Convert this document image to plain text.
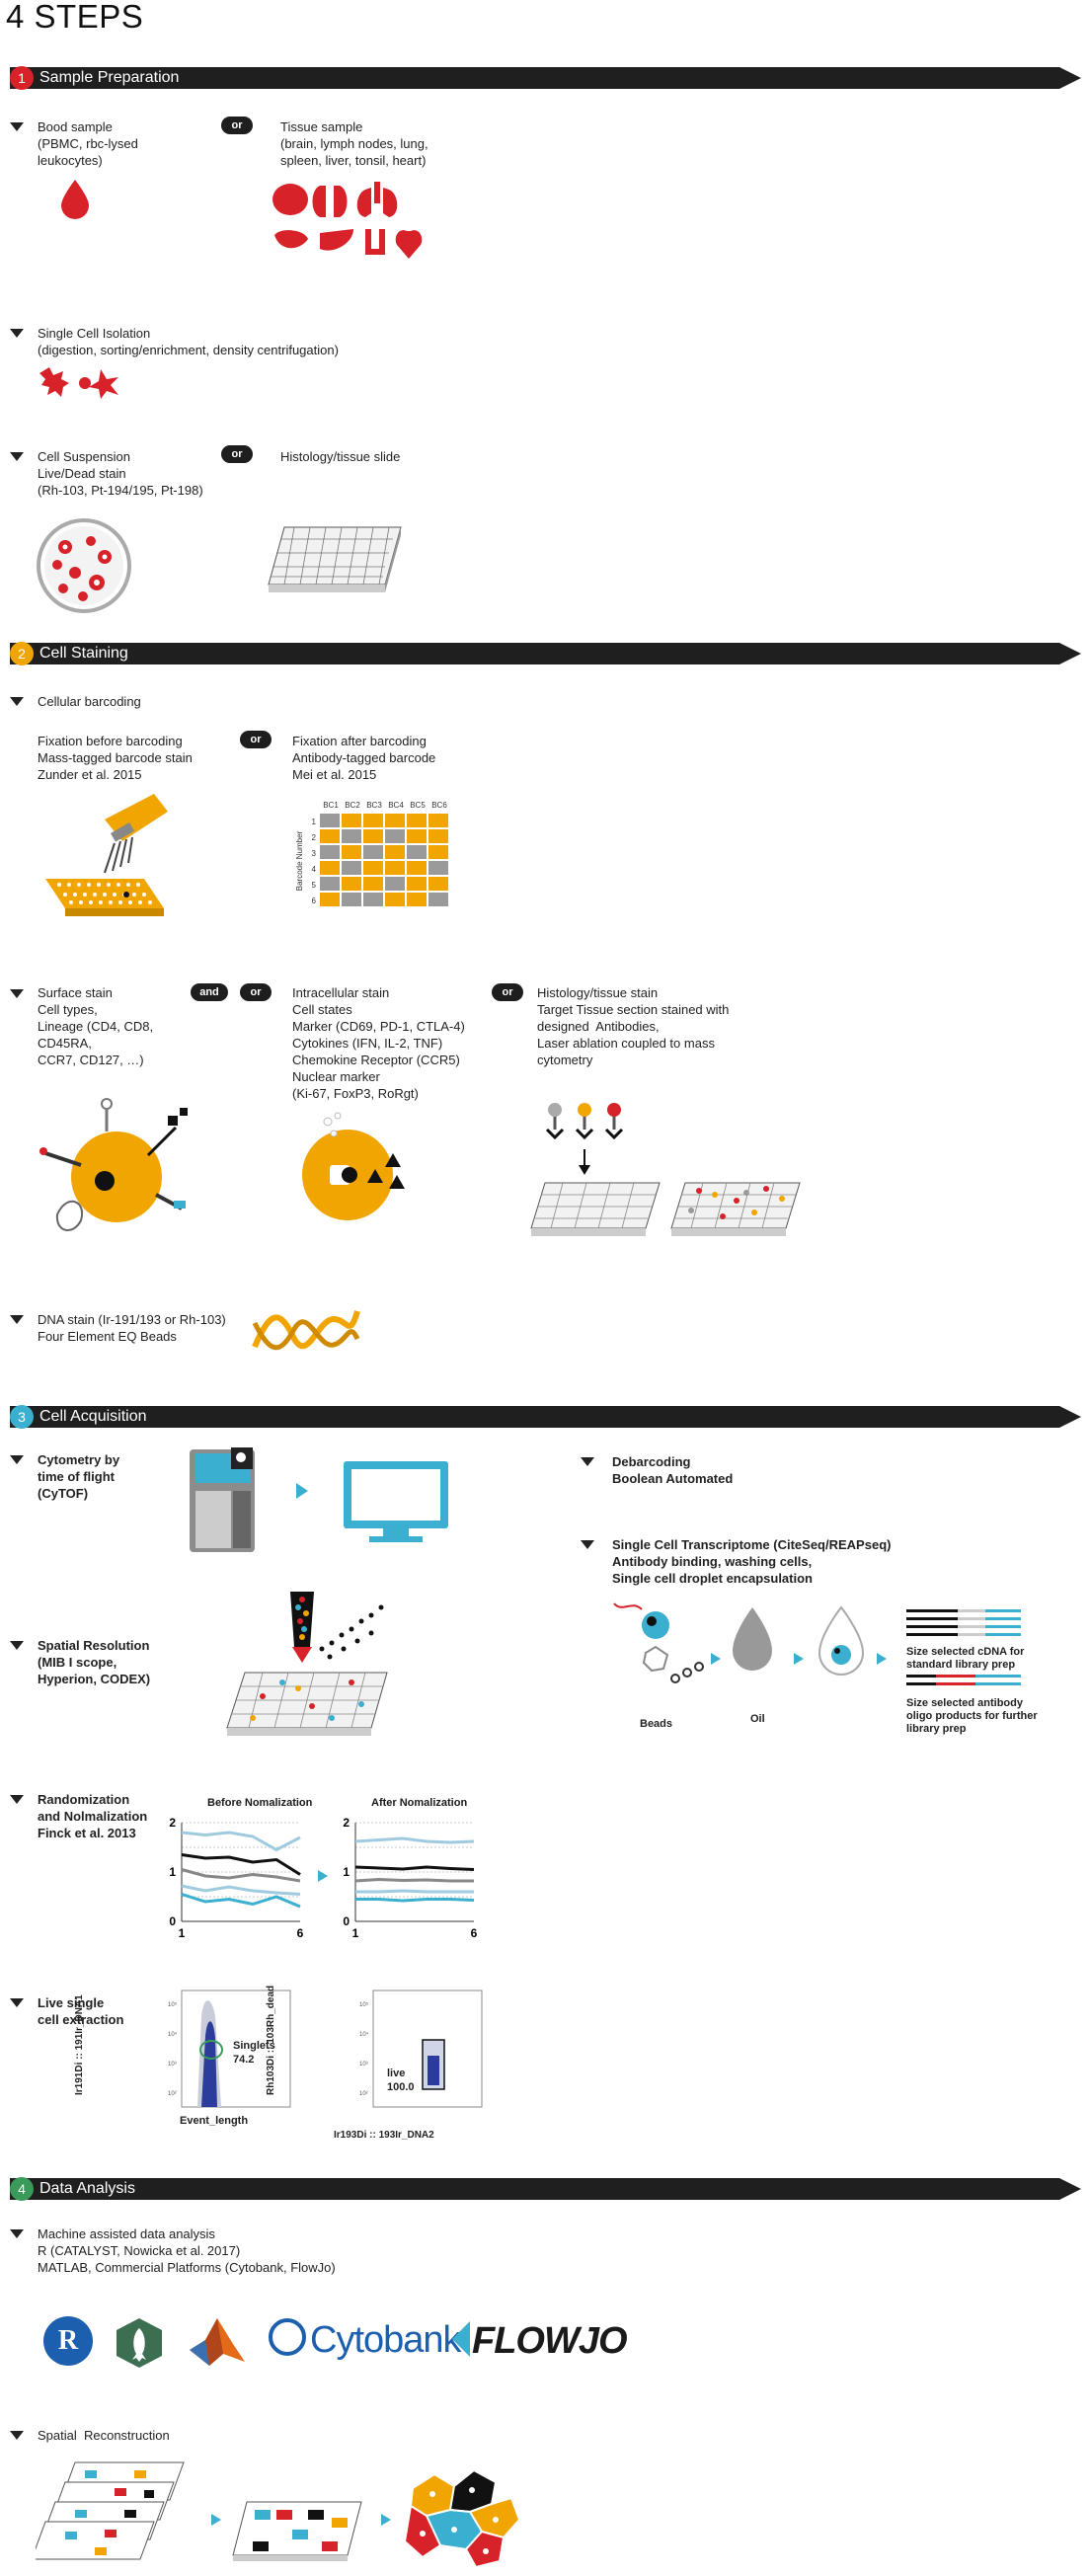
4 STEPS
1 Sample Preparation
2 Cell Staining
3 Cell Acquisition
4 Data Analysis
Bood sample
(PBMC, rbc-lysed
leukocytes)
or	Tissue sample
(brain, lymph nodes, lung,
spleen, liver, tonsil, heart)
Single Cell Isolation
(digestion, sorting/enrichment, density centrifugation)
Cell Suspension
Live/Dead stain
(Rh-103, Pt-194/195, Pt-198)
or	Histology/tissue slide
Cellular barcoding
Fixation before barcoding
Mass-tagged barcode stain
Zunder et al. 2015
or	Fixation after barcoding
Antibody-tagged barcode
Mei et al. 2015
BC1 BC2 BC3 BC4 BC5 BC6
1
2
3
4
5
6
Barcode Number
Surface stain
Cell types,
Lineage (CD4, CD8,
CD45RA,
CCR7, CD127, …)
and	or	Intracellular stain
Cell states
Marker (CD69, PD-1, CTLA-4)
Cytokines (IFN, IL-2, TNF)
Chemokine Receptor (CCR5)
Nuclear marker
(Ki-67, FoxP3, RoRgt)
or	Histology/tissue stain
Target Tissue section stained with
designed  Antibodies,
Laser ablation coupled to mass
cytometry
DNA stain (Ir-191/193 or Rh-103)
Four Element EQ Beads
Cytometry by
time of flight
(CyTOF)
Spatial Resolution
(MIB I scope,
Hyperion, CODEX)
Debarcoding
Boolean Automated
Single Cell Transcriptome (CiteSeq/REAPseq)
Antibody binding, washing cells,
Single cell droplet encapsulation
Beads	Oil
Size selected cDNA for
standard library prep
Size selected antibody
oligo products for further
library prep
Randomization
and Nolmalization
Finck et al. 2013
Before Nomalization	After Nomalization
0
1
2
1	6
0
1
2
1	6
Live single
cell extraction
10⁵
10⁴
10³
10²
10⁵
10⁴
10³
10²
Singlets
74.2
live
100.0
Event_length
Ir193Di :: 193Ir_DNA2
Ir191Di :: 191Ir_DNA1	Rh103Di :: 103Rh_dead
Machine assisted data analysis
R (CATALYST, Nowicka et al. 2017)
MATLAB, Commercial Platforms (Cytobank, FlowJo)
R	Cytobank FLOWJO
Spatial  Reconstruction
